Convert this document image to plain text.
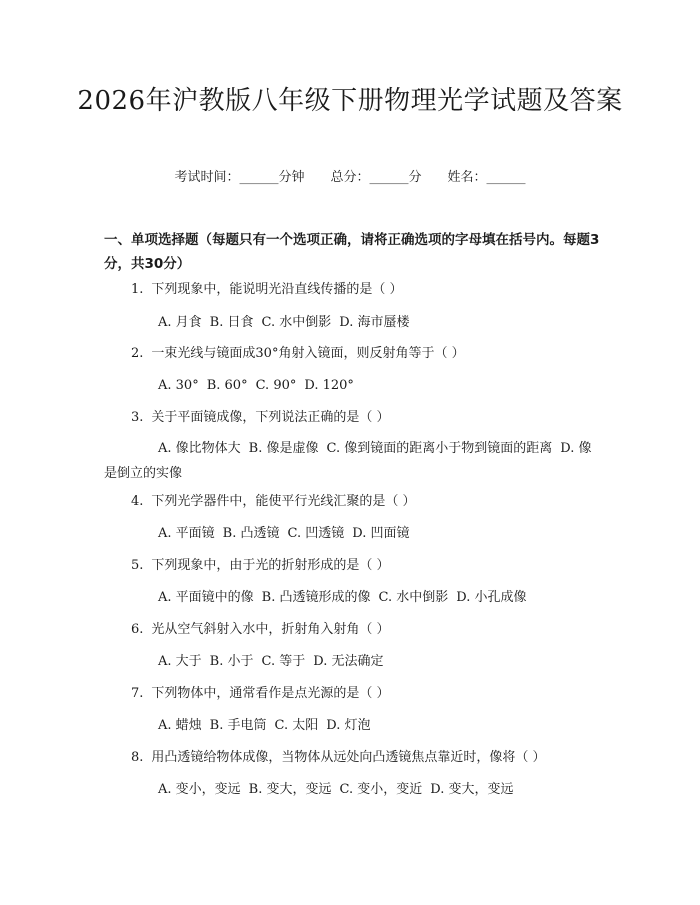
2026年沪教版八年级下册物理光学试题及答案
考试时间：______分钟 总分：______分 姓名：______
一、单项选择题（每题只有一个选项正确，请将正确选项的字母填在括号内。每题3分，共30分）
1. 下列现象中，能说明光沿直线传播的是（ ）
A. 月食 B. 日食 C. 水中倒影 D. 海市蜃楼
2. 一束光线与镜面成30°角射入镜面，则反射角等于（ ）
A. 30° B. 60° C. 90° D. 120°
3. 关于平面镜成像，下列说法正确的是（ ）
A. 像比物体大 B. 像是虚像 C. 像到镜面的距离小于物到镜面的距离 D. 像是倒立的实像
4. 下列光学器件中，能使平行光线汇聚的是（ ）
A. 平面镜 B. 凸透镜 C. 凹透镜 D. 凹面镜
5. 下列现象中，由于光的折射形成的是（ ）
A. 平面镜中的像 B. 凸透镜形成的像 C. 水中倒影 D. 小孔成像
6. 光从空气斜射入水中，折射角入射角（ ）
A. 大于 B. 小于 C. 等于 D. 无法确定
7. 下列物体中，通常看作是点光源的是（ ）
A. 蜡烛 B. 手电筒 C. 太阳 D. 灯泡
8. 用凸透镜给物体成像，当物体从远处向凸透镜焦点靠近时，像将（ ）
A. 变小，变远 B. 变大，变远 C. 变小，变近 D. 变大，变远
